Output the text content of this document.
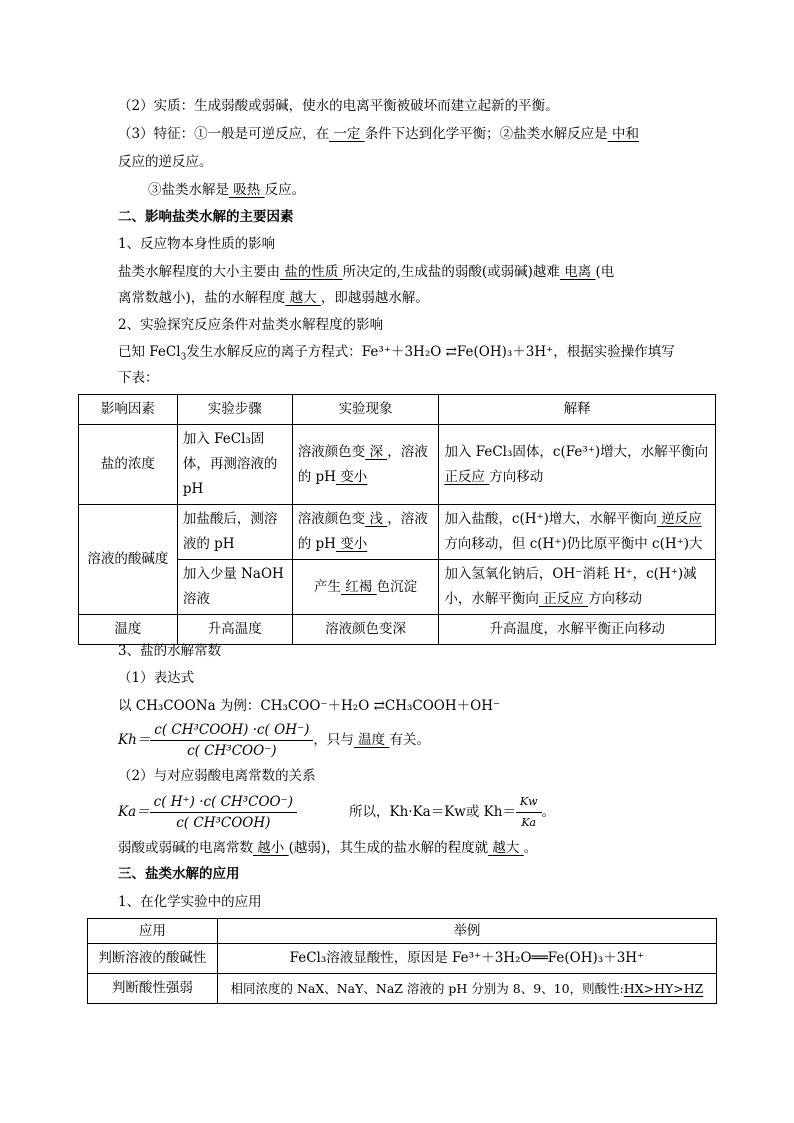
（2）实质：生成弱酸或弱碱，使水的电离平衡被破坏而建立起新的平衡。
（3）特征：①一般是可逆反应，在 一定 条件下达到化学平衡；②盐类水解反应是 中和
反应的逆反应。
③盐类水解是 吸热 反应。
二、影响盐类水解的主要因素
1、反应物本身性质的影响
盐类水解程度的大小主要由 盐的性质 所决定的,生成盐的弱酸(或弱碱)越难 电离 (电
离常数越小)，盐的水解程度 越大 ，即越弱越水解。
2、实验探究反应条件对盐类水解程度的影响
已知 FeCl$_3$发生水解反应的离子方程式：Fe³⁺＋3H₂O ⇄Fe(OH)₃＋3H⁺，根据实验操作填写
下表：
影响因素	实验步骤	实验现象	解释
盐的浓度	加入 FeCl₃固体，再测溶液的 pH	溶液颜色变 深 ，溶液的 pH 变小	加入 FeCl₃固体，c(Fe³⁺)增大，水解平衡向正反应 方向移动
溶液的酸碱度	加盐酸后，测溶液的 pH	溶液颜色变 浅 ，溶液的 pH 变小	加入盐酸，c(H⁺)增大，水解平衡向 逆反应方向移动，但 c(H⁺)仍比原平衡中 c(H⁺)大
	加入少量 NaOH 溶液	产生 红褐 色沉淀	加入氢氧化钠后，OH⁻消耗 H⁺，c(H⁺)减小，水解平衡向 正反应 方向移动
温度	升高温度	溶液颜色变深	升高温度，水解平衡正向移动
3、盐的水解常数
（1）表达式
以 CH₃COONa 为例：CH₃COO⁻＋H₂O ⇄CH₃COOH＋OH⁻
$Kh= \frac{\text{c( CH³COOH) ·c( OH⁻)}}{\text{c( CH³COO⁻)}}$ ，只与 温度 有关。
（2）与对应弱酸电离常数的关系
$Ka= \frac{\text{c( H⁺) ·c( CH³COO⁻)}}{\text{c( CH³COOH)}}$	所以，Kh·Ka＝Kw或 $Kh= \frac{Kw}{Ka}$ 。
弱酸或弱碱的电离常数 越小 (越弱)，其生成的盐水解的程度就 越大 。
三、盐类水解的应用
1、在化学实验中的应用
应用	举例
判断溶液的酸碱性	FeCl₃溶液显酸性，原因是 Fe³⁺＋3H₂O══Fe(OH)₃＋3H⁺
判断酸性强弱	相同浓度的 NaX、NaY、NaZ 溶液的 pH 分别为 8、9、10，则酸性:HX>HY>HZ
